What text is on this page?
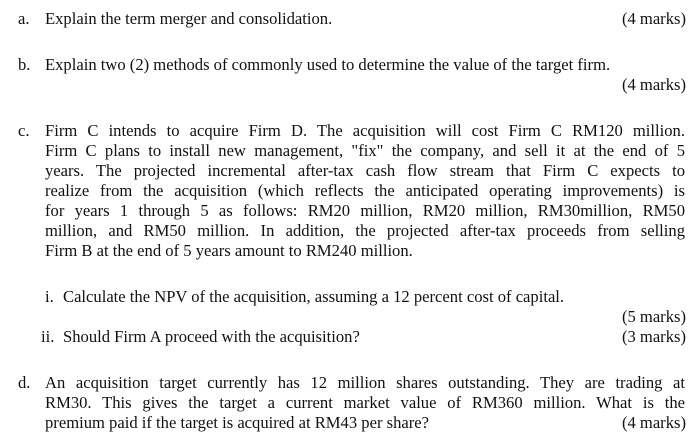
a. Explain the term merger and consolidation.	(4 marks)
b. Explain two (2) methods of commonly used to determine the value of the target firm.
(4 marks)
c. Firm C intends to acquire Firm D. The acquisition will cost Firm C RM120 million.
Firm C plans to install new management, "fix" the company, and sell it at the end of 5
years. The projected incremental after-tax cash flow stream that Firm C expects to
realize from the acquisition (which reflects the anticipated operating improvements) is
for years 1 through 5 as follows: RM20 million, RM20 million, RM30million, RM50
million, and RM50 million. In addition, the projected after-tax proceeds from selling
Firm B at the end of 5 years amount to RM240 million.
i. Calculate the NPV of the acquisition, assuming a 12 percent cost of capital.
(5 marks)
ii. Should Firm A proceed with the acquisition?	(3 marks)
d. An acquisition target currently has 12 million shares outstanding. They are trading at
RM30. This gives the target a current market value of RM360 million. What is the
premium paid if the target is acquired at RM43 per share?	(4 marks)
